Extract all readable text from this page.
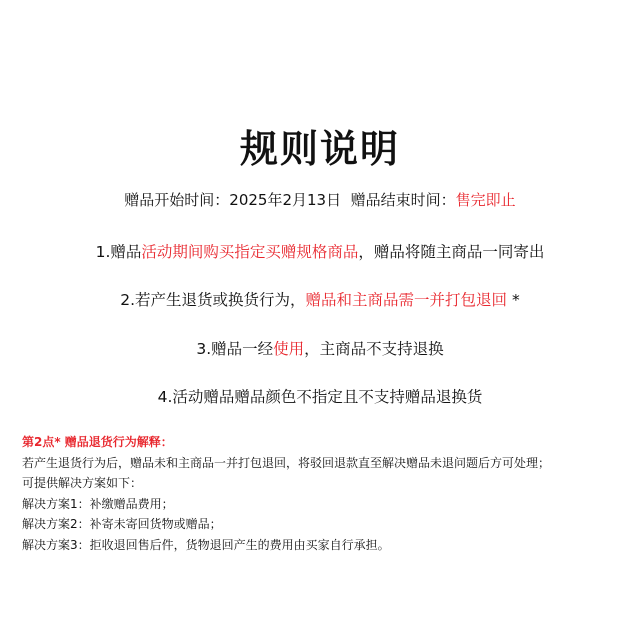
规则说明
赠品开始时间：2025年2月13日 赠品结束时间：售完即止
1.赠品活动期间购买指定买赠规格商品，赠品将随主商品一同寄出
2.若产生退货或换货行为，赠品和主商品需一并打包退回 *
3.赠品一经使用，主商品不支持退换
4.活动赠品赠品颜色不指定且不支持赠品退换货
第2点* 赠品退货行为解释：
若产生退货行为后，赠品未和主商品一并打包退回，将驳回退款直至解决赠品未退问题后方可处理；
可提供解决方案如下：
解决方案1：补缴赠品费用；
解决方案2：补寄未寄回货物或赠品；
解决方案3：拒收退回售后件，货物退回产生的费用由买家自行承担。
